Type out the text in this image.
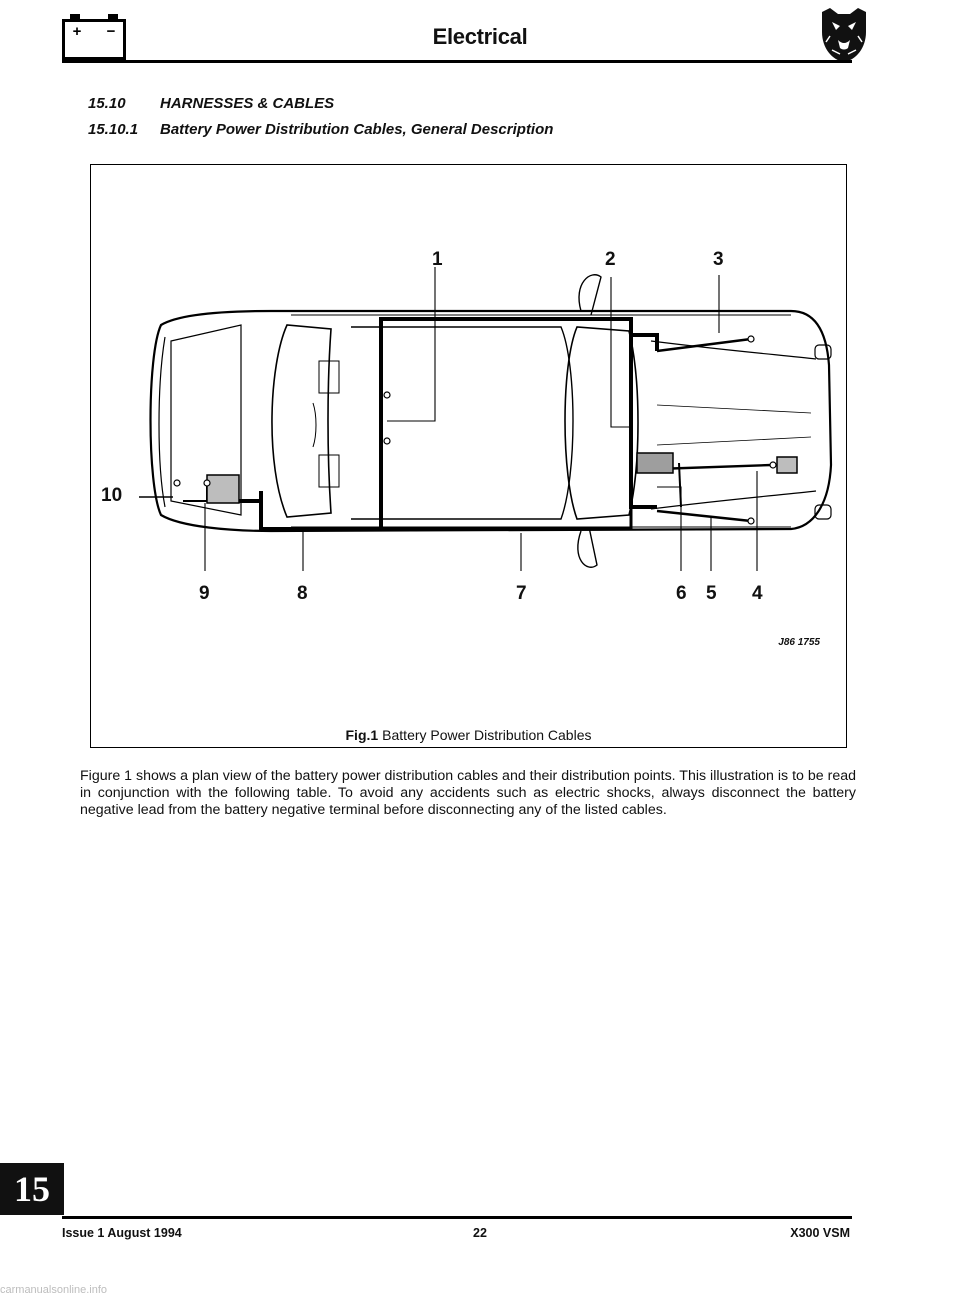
+ −	Electrical
15.10 HARNESSES & CABLES
15.10.1 Battery Power Distribution Cables, General Description
1	2	3
4
5
6
7
8
9
10
J86 1755
Fig.1 Battery Power Distribution Cables
Figure 1 shows a plan view of the battery power distribution cables and their distribution points. This illustration is to be read in conjunction with the following table. To avoid any accidents such as electric shocks, always disconnect the battery negative lead from the battery negative terminal before disconnecting any of the listed cables.
15
Issue 1 August 1994	22	X300 VSM
carmanualsonline.info
